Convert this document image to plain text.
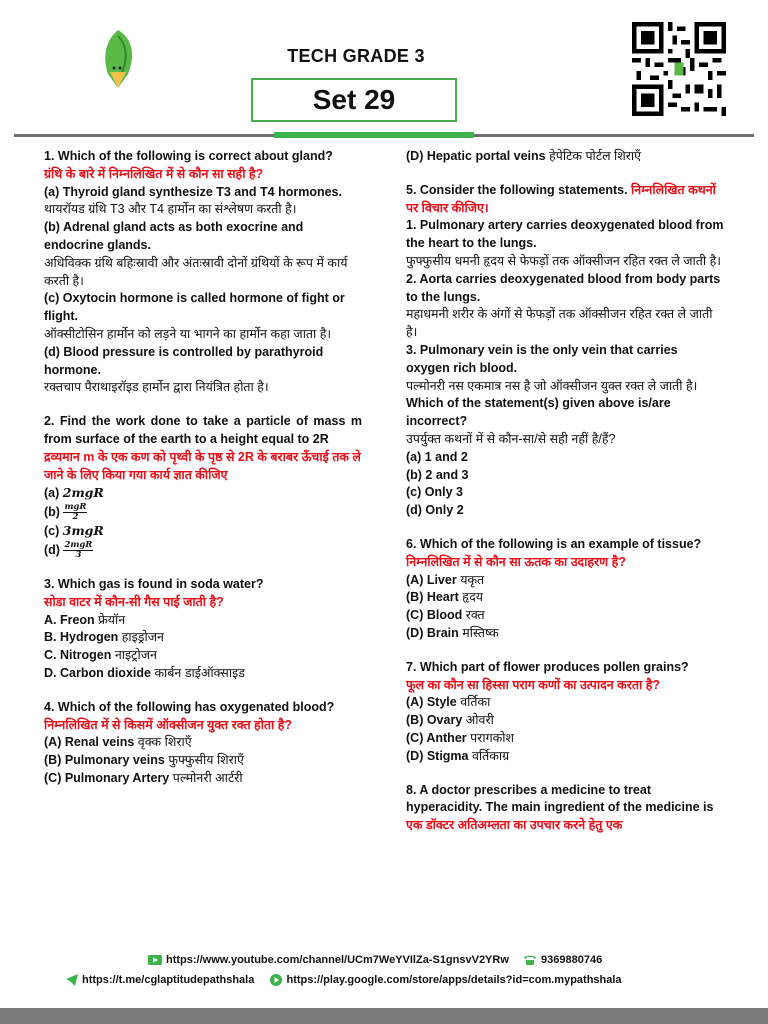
TECH GRADE 3
Set 29
1. Which of the following is correct about gland?
ग्रंथि के बारे में निम्नलिखित में से कौन सा सही है?
(a) Thyroid gland synthesize T3 and T4 hormones.
थायरॉयड ग्रंथि T3 और T4 हार्मोन का संश्लेषण करती है।
(b) Adrenal gland acts as both exocrine and endocrine glands.
अधिविक्क ग्रंथि बहिःस्रावी और अंतःस्रावी दोनों ग्रंथियों के रूप में कार्य करती है।
(c) Oxytocin hormone is called hormone of fight or flight.
ऑक्सीटोसिन हार्मोन को लड़ने या भागने का हार्मोन कहा जाता है।
(d) Blood pressure is controlled by parathyroid hormone.
रक्तचाप पैराथाइरॉइड हार्मोन द्वारा नियंत्रित होता है।
2. Find the work done to take a particle of mass m from surface of the earth to a height equal to 2R
द्रव्यमान m के एक कण को पृथ्वी के पृष्ठ से 2R के बराबर ऊँचाई तक ले जाने के लिए किया गया कार्य ज्ञात कीजिए
(a) 2mgR
$(b) \frac{\text{mgR}}{2}$
(c) 3mgR
$(d) \frac{\text{2mgR}}{3}$
3. Which gas is found in soda water?
सोडा वाटर में कौन-सी गैस पाई जाती है?
A. Freon फ्रेयॉन
B. Hydrogen हाइड्रोजन
C. Nitrogen नाइट्रोजन
D. Carbon dioxide कार्बन डाईऑक्साइड
4. Which of the following has oxygenated blood?
निम्नलिखित में से किसमें ऑक्सीजन युक्त रक्त होता है?
(A) Renal veins वृक्क शिराएँ
(B) Pulmonary veins फुफ्फुसीय शिराएँ
(C) Pulmonary Artery पल्मोनरी आर्टरी
(D) Hepatic portal veins हेपेटिक पोर्टल शिराएँ
5. Consider the following statements. निम्नलिखित कथनों पर विचार कीजिए।
1. Pulmonary artery carries deoxygenated blood from the heart to the lungs.
फुफ्फुसीय धमनी हृदय से फेफड़ों तक ऑक्सीजन रहित रक्त ले जाती है।
2. Aorta carries deoxygenated blood from body parts to the lungs.
महाधमनी शरीर के अंगों से फेफड़ों तक ऑक्सीजन रहित रक्त ले जाती है।
3. Pulmonary vein is the only vein that carries oxygen rich blood.
पल्मोनरी नस एकमात्र नस है जो ऑक्सीजन युक्त रक्त ले जाती है।
Which of the statement(s) given above is/are incorrect?
उपर्युक्त कथनों में से कौन-सा/से सही नहीं है/हैं?
(a) 1 and 2
(b) 2 and 3
(c) Only 3
(d) Only 2
6. Which of the following is an example of tissue?
निम्नलिखित में से कौन सा ऊतक का उदाहरण है?
(A) Liver यकृत
(B) Heart हृदय
(C) Blood रक्त
(D) Brain मस्तिष्क
7. Which part of flower produces pollen grains?
फूल का कौन सा हिस्सा पराग कणों का उत्पादन करता है?
(A) Style वर्तिका
(B) Ovary ओवरी
(C) Anther परागकोश
(D) Stigma वर्तिकाग्र
8. A doctor prescribes a medicine to treat hyperacidity. The main ingredient of the medicine is
एक डॉक्टर अतिअम्लता का उपचार करने हेतु एक
https://www.youtube.com/channel/UCm7WeYVIlZa-S1gnsvV2YRw	9369880746
https://t.me/cglaptitudepathshala	https://play.google.com/store/apps/details?id=com.mypathshala
